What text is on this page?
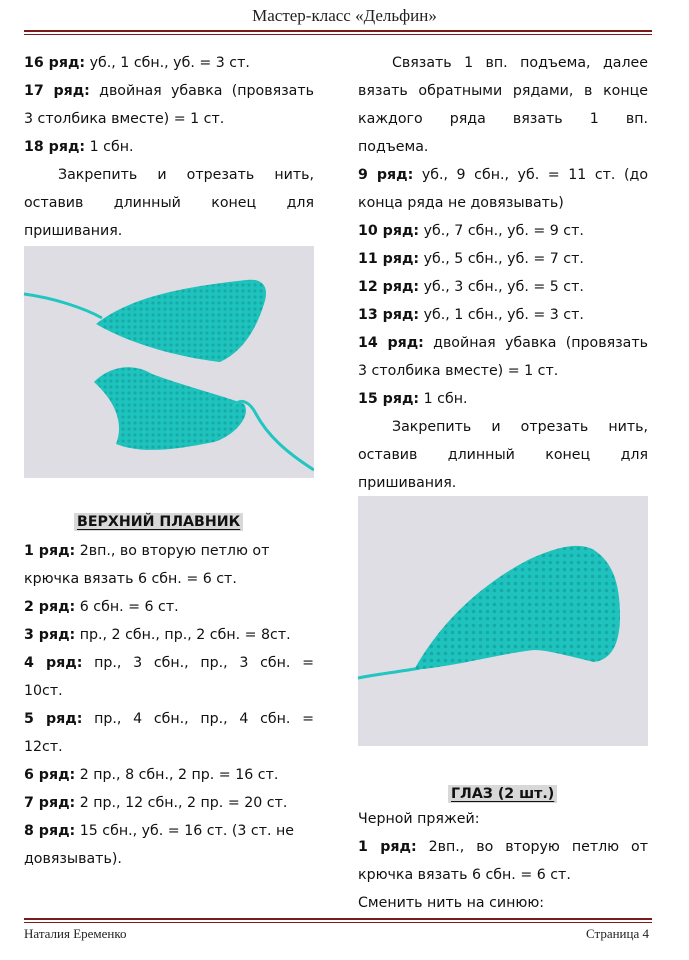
Мастер-класс «Дельфин»
16 ряд: уб., 1 сбн., уб. = 3 ст.
17 ряд: двойная убавка (провязать
3 столбика вместе) = 1 ст.
18 ряд: 1 сбн.
Закрепить и отрезать нить,
оставив длинный конец для
пришивания.
ВЕРХНИЙ ПЛАВНИК
1 ряд: 2вп., во вторую петлю от
крючка вязать 6 сбн. = 6 ст.
2 ряд: 6 сбн. = 6 ст.
3 ряд: пр., 2 сбн., пр., 2 сбн. = 8ст.
4 ряд: пр., 3 сбн., пр., 3 сбн. =
10ст.
5 ряд: пр., 4 сбн., пр., 4 сбн. =
12ст.
6 ряд: 2 пр., 8 сбн., 2 пр. = 16 ст.
7 ряд: 2 пр., 12 сбн., 2 пр. = 20 ст.
8 ряд: 15 сбн., уб. = 16 ст. (3 ст. не
довязывать).
Связать 1 вп. подъема, далее
вязать обратными рядами, в конце
каждого ряда вязать 1 вп.
подъема.
9 ряд: уб., 9 сбн., уб. = 11 ст. (до
конца ряда не довязывать)
10 ряд: уб., 7 сбн., уб. = 9 ст.
11 ряд: уб., 5 сбн., уб. = 7 ст.
12 ряд: уб., 3 сбн., уб. = 5 ст.
13 ряд: уб., 1 сбн., уб. = 3 ст.
14 ряд: двойная убавка (провязать
3 столбика вместе) = 1 ст.
15 ряд: 1 сбн.
Закрепить и отрезать нить,
оставив длинный конец для
пришивания.
ГЛАЗ (2 шт.)
Черной пряжей:
1 ряд: 2вп., во вторую петлю от
крючка вязать 6 сбн. = 6 ст.
Сменить нить на синюю:
Наталия Еременко	Страница 4
